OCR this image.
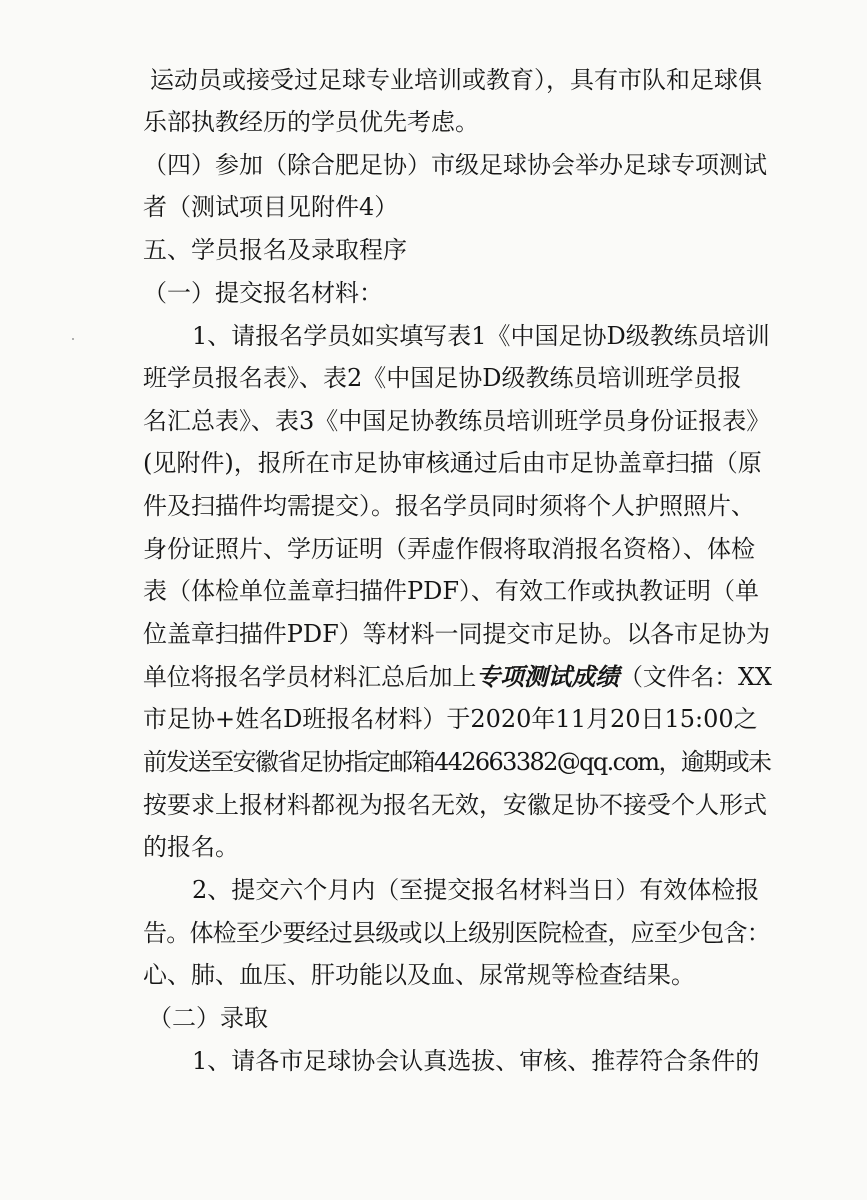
运动员或接受过足球专业培训或教育），具有市队和足球俱
乐部执教经历的学员优先考虑。
（四）参加（除合肥足协）市级足球协会举办足球专项测试
者（测试项目见附件4）
五、学员报名及录取程序
（一）提交报名材料：
1、请报名学员如实填写表1《中国足协D级教练员培训
班学员报名表》、表2《中国足协D级教练员培训班学员报
名汇总表》、表3《中国足协教练员培训班学员身份证报表》
(见附件)，报所在市足协审核通过后由市足协盖章扫描（原
件及扫描件均需提交）。报名学员同时须将个人护照照片、
身份证照片、学历证明（弄虚作假将取消报名资格）、体检
表（体检单位盖章扫描件PDF）、有效工作或执教证明（单
位盖章扫描件PDF）等材料一同提交市足协。以各市足协为
单位将报名学员材料汇总后加上专项测试成绩（文件名：XX
市足协+姓名D班报名材料）于2020年11月20日15:00之
前发送至安徽省足协指定邮箱442663382@qq.com，逾期或未
按要求上报材料都视为报名无效，安徽足协不接受个人形式
的报名。
2、提交六个月内（至提交报名材料当日）有效体检报
告。体检至少要经过县级或以上级别医院检查，应至少包含：
心、肺、血压、肝功能以及血、尿常规等检查结果。
（二）录取
1、请各市足球协会认真选拔、审核、推荐符合条件的
